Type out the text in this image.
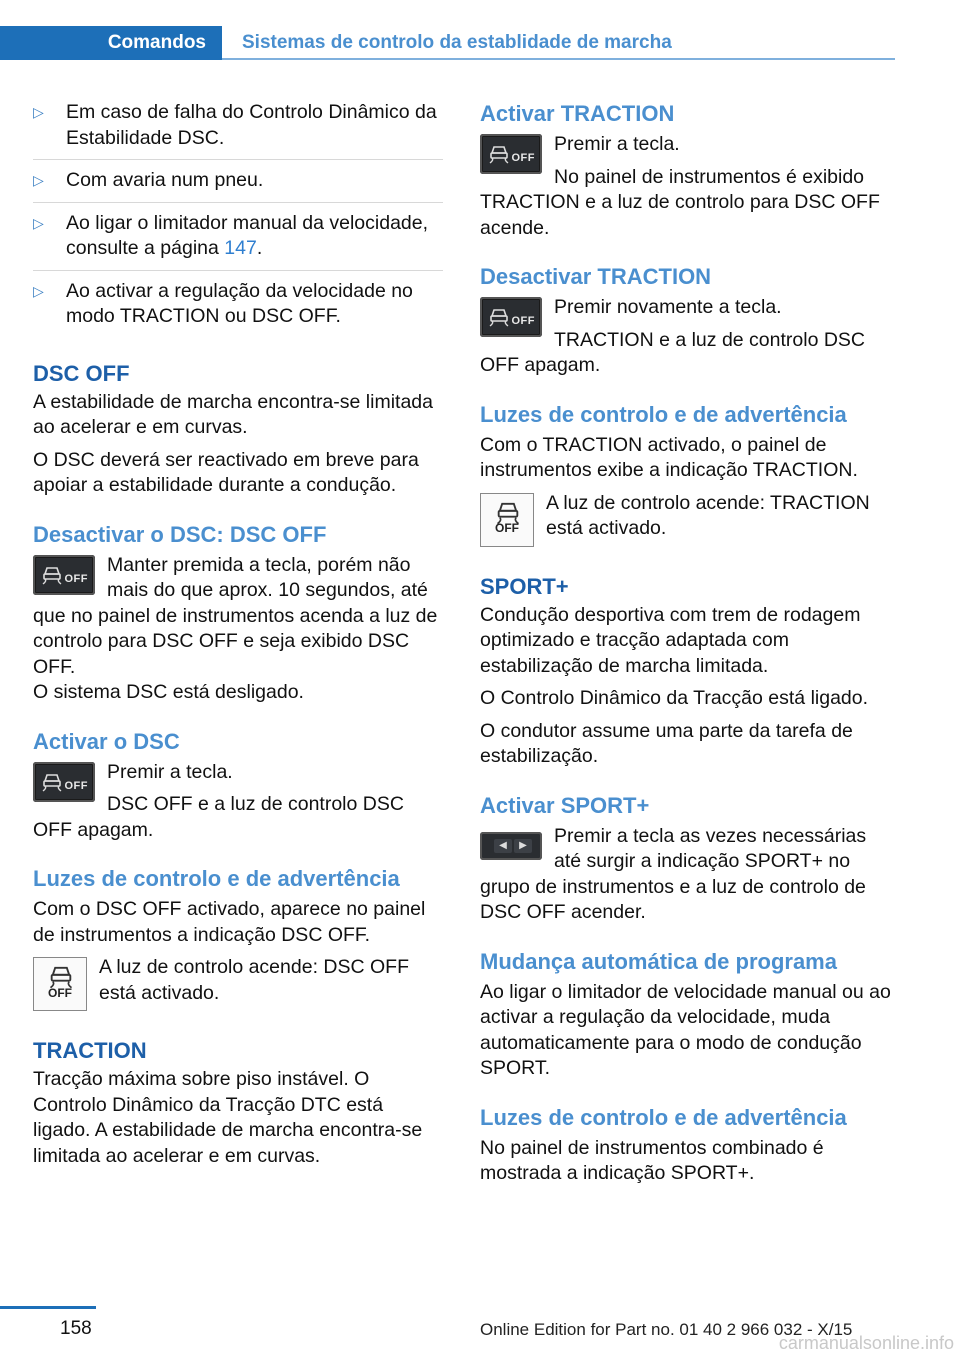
Comandos	Sistemas de controlo da establidade de marcha
▷ Em caso de falha do Controlo Dinâmico da Estabilidade DSC.
▷ Com avaria num pneu.
▷ Ao ligar o limitador manual da velocidade, consulte a página 147.
▷ Ao activar a regulação da velocidade no modo TRACTION ou DSC OFF.
DSC OFF

A estabilidade de marcha encontra-se limitada ao acelerar e em curvas.

O DSC deverá ser reactivado em breve para apoiar a estabilidade durante a condução.

Desactivar o DSC: DSC OFF
OFF
Manter premida a tecla, porém não mais do que aprox. 10 segundos, até que no painel de instrumentos acenda a luz de controlo para DSC OFF e seja exibido DSC OFF.

O sistema DSC está desligado.

Activar o DSC
OFF

Premir a tecla.

DSC OFF e a luz de controlo DSC OFF apagam.
Luzes de controlo e de advertência

Com o DSC OFF activado, aparece no painel de instrumentos a indicação DSC OFF.

OFF
A luz de controlo acende: DSC OFF está activado.
TRACTION

Tracção máxima sobre piso instável. O Controlo Dinâmico da Tracção DTC está ligado. A estabilidade de marcha encontra-se limitada ao acelerar e em curvas.

Activar TRACTION
OFF

Premir a tecla.

No painel de instrumentos é exibido TRACTION e a luz de controlo para DSC OFF acende.
Desactivar TRACTION
OFF

Premir novamente a tecla.

TRACTION e a luz de controlo DSC OFF apagam.
Luzes de controlo e de advertência

Com o TRACTION activado, o painel de instrumentos exibe a indicação TRACTION.

OFF
A luz de controlo acende: TRACTION está activado.
SPORT+

Condução desportiva com trem de rodagem optimizado e tracção adaptada com estabilização de marcha limitada.

O Controlo Dinâmico da Tracção está ligado.

O condutor assume uma parte da tarefa de estabilização.

Activar SPORT+
◀	▶ Premir a tecla as vezes necessárias até surgir a indicação SPORT+ no grupo de instrumentos e a luz de controlo de DSC OFF acender.
Mudança automática de programa

Ao ligar o limitador de velocidade manual ou ao activar a regulação da velocidade, muda automaticamente para o modo de condução SPORT.

Luzes de controlo e de advertência

No painel de instrumentos combinado é mostrada a indicação SPORT+.

158	Online Edition for Part no. 01 40 2 966 032 - X/15
carmanualsonline.info
